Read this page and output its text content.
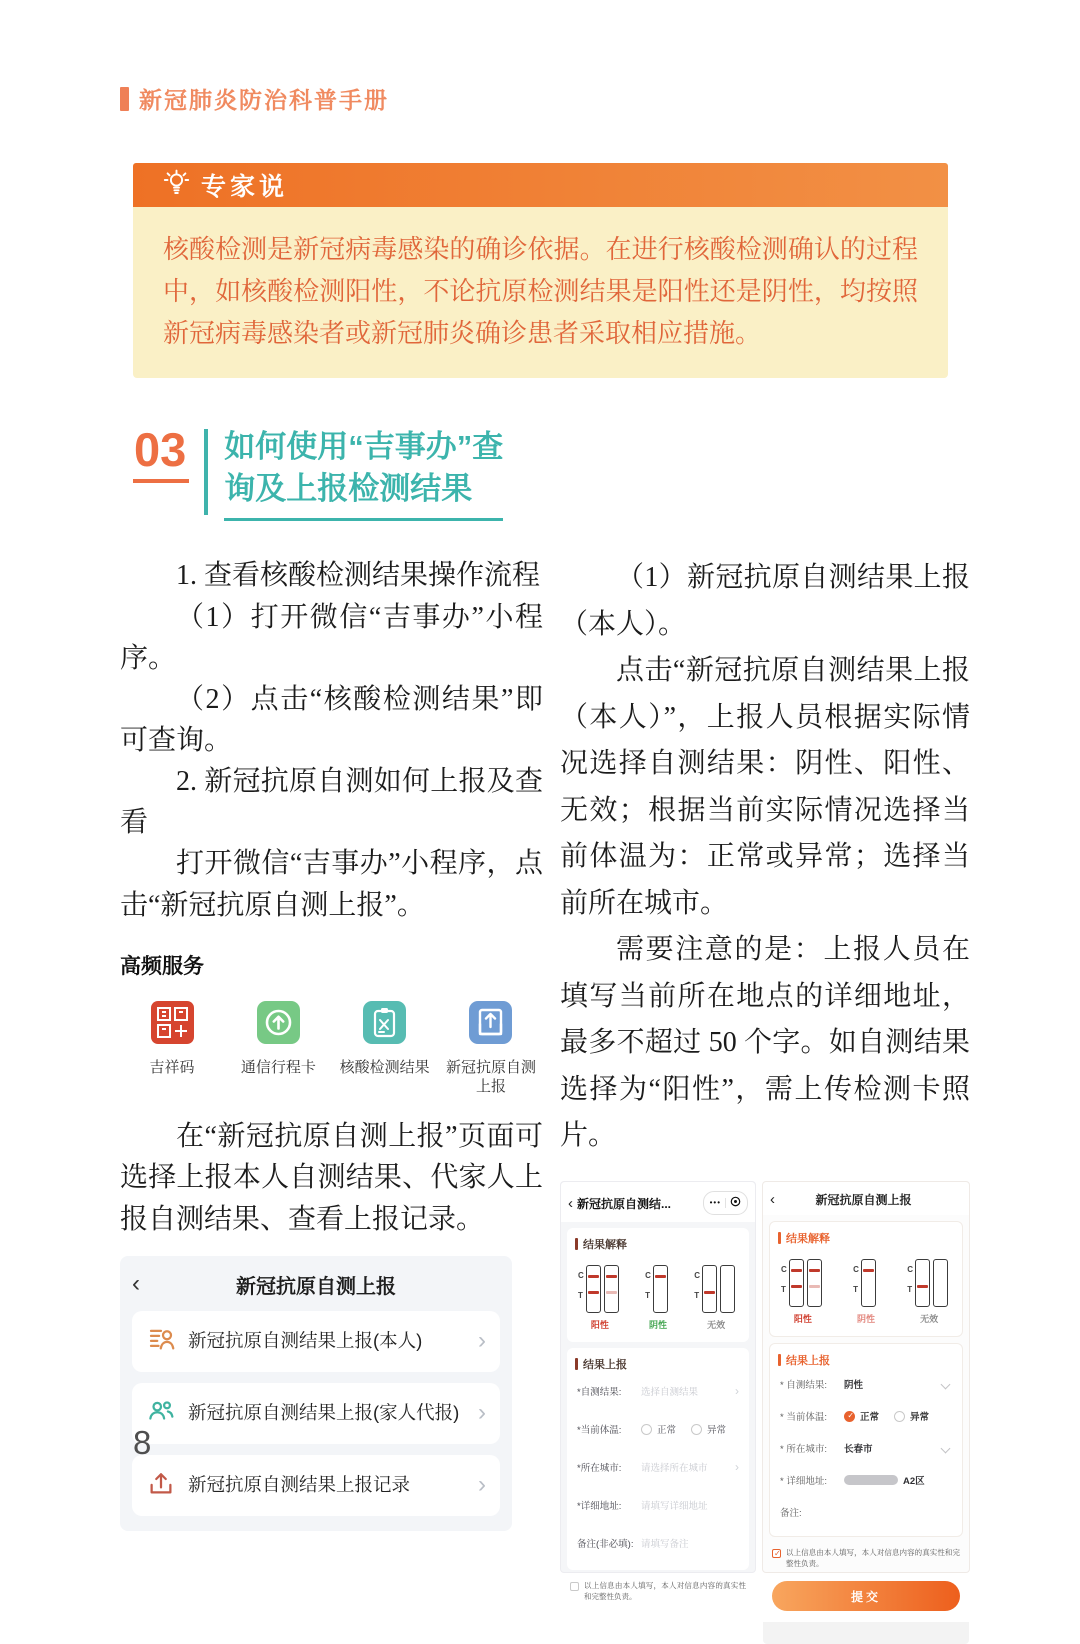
新冠肺炎防治科普手册
专家说
核酸检测是新冠病毒感染的确诊依据。在进行核酸检测确认的过程中，如核酸检测阳性，不论抗原检测结果是阳性还是阴性，均按照新冠病毒感染者或新冠肺炎确诊患者采取相应措施。
03 如何使用“吉事办”查
询及上报检测结果

1. 查看核酸检测结果操作流程

（1）打开微信“吉事办”小程序。

（2）点击“核酸检测结果”即可查询。

2. 新冠抗原自测如何上报及查看

打开微信“吉事办”小程序，点击“新冠抗原自测上报”。

高频服务
吉祥码	通信行程卡 核酸检测结果 新冠抗原自测上报

在“新冠抗原自测上报”页面可选择上报本人自测结果、代家人上报自测结果、查看上报记录。

‹	新冠抗原自测上报
新冠抗原自测结果上报(本人)	›
新冠抗原自测结果上报(家人代报) ›
新冠抗原自测结果上报记录	›

（1）新冠抗原自测结果上报（本人）。

点击“新冠抗原自测结果上报（本人）”，上报人员根据实际情况选择自测结果：阴性、阳性、无效；根据当前实际情况选择当前体温为：正常或异常；选择当前所在城市。

需要注意的是：上报人员在填写当前所在地点的详细地址，最多不超过 50 个字。如自测结果选择为“阳性”，需上传检测卡照片。

‹ 新冠抗原自测结...	•••
结果解释
C
T
阳性
C
T
阴性
C
T
无效
结果上报
*自测结果:	选择自测结果	›
*当前体温:	正常	异常
*所在城市:	请选择所在城市 ›
*详细地址:	请填写详细地址
备注(非必填): 请填写备注
以上信息由本人填写，本人对信息内容的真实性和完整性负责。
‹	新冠抗原自测上报
结果解释
C
T
阳性
C
T
阴性
C
T
无效
结果上报
* 自测结果:	阴性
* 当前体温: ✓	正常	异常
* 所在城市:	长春市
* 详细地址:	A2区
备注:
✓
以上信息由本人填写，本人对信息内容的真实性和完整性负责。
提交
8
